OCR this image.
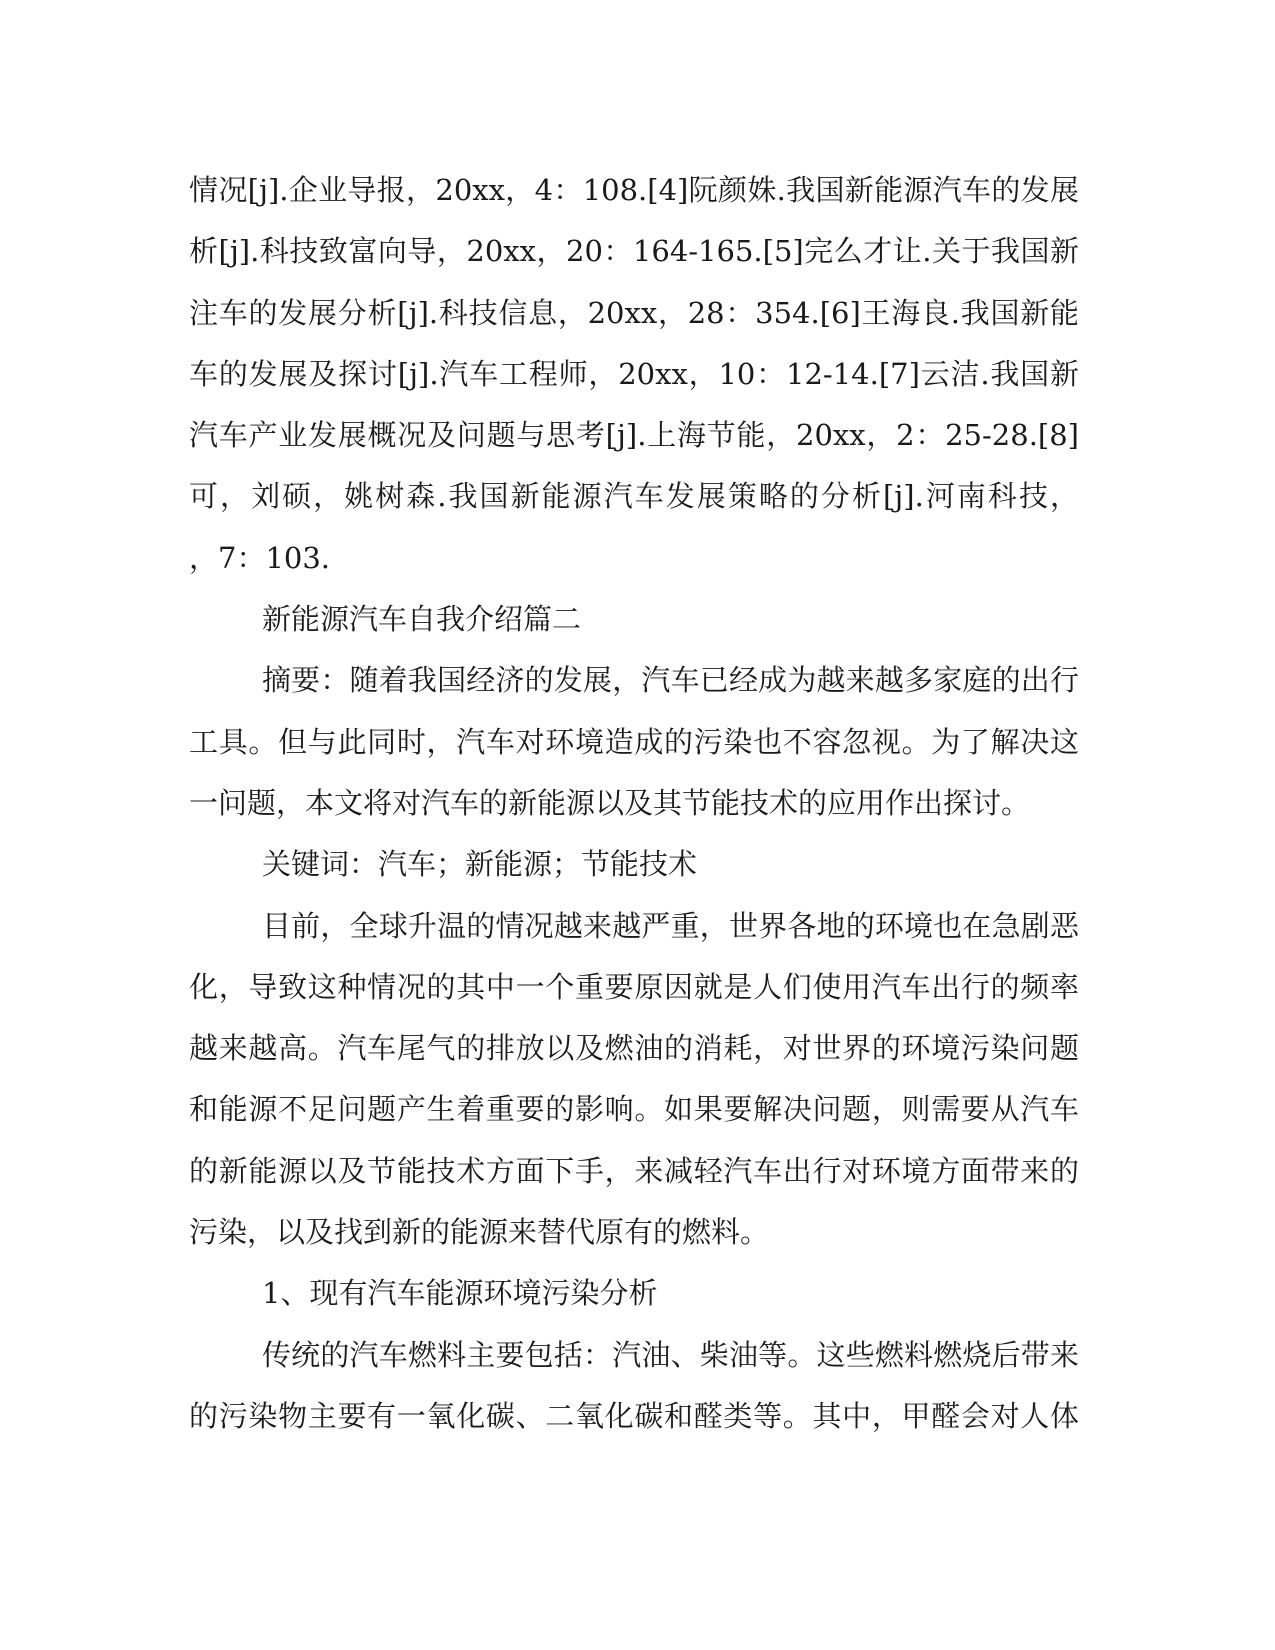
情况[j].企业导报，20xx，4：108.[4]阮颜姝.我国新能源汽车的发展
析[j].科技致富向导，20xx，20：164-165.[5]完么才让.关于我国新
注车的发展分析[j].科技信息，20xx，28：354.[6]王海良.我国新能
车的发展及探讨[j].汽车工程师，20xx，10：12-14.[7]云洁.我国新
汽车产业发展概况及问题与思考[j].上海节能，20xx，2：25-28.[8]
可，刘硕，姚树森.我国新能源汽车发展策略的分析[j].河南科技，
，7：103.
新能源汽车自我介绍篇二
摘要：随着我国经济的发展，汽车已经成为越来越多家庭的出行
工具。但与此同时，汽车对环境造成的污染也不容忽视。为了解决这
一问题，本文将对汽车的新能源以及其节能技术的应用作出探讨。
关键词：汽车；新能源；节能技术
目前，全球升温的情况越来越严重，世界各地的环境也在急剧恶
化，导致这种情况的其中一个重要原因就是人们使用汽车出行的频率
越来越高。汽车尾气的排放以及燃油的消耗，对世界的环境污染问题
和能源不足问题产生着重要的影响。如果要解决问题，则需要从汽车
的新能源以及节能技术方面下手，来减轻汽车出行对环境方面带来的
污染，以及找到新的能源来替代原有的燃料。
1、现有汽车能源环境污染分析
传统的汽车燃料主要包括：汽油、柴油等。这些燃料燃烧后带来
的污染物主要有一氧化碳、二氧化碳和醛类等。其中，甲醛会对人体
